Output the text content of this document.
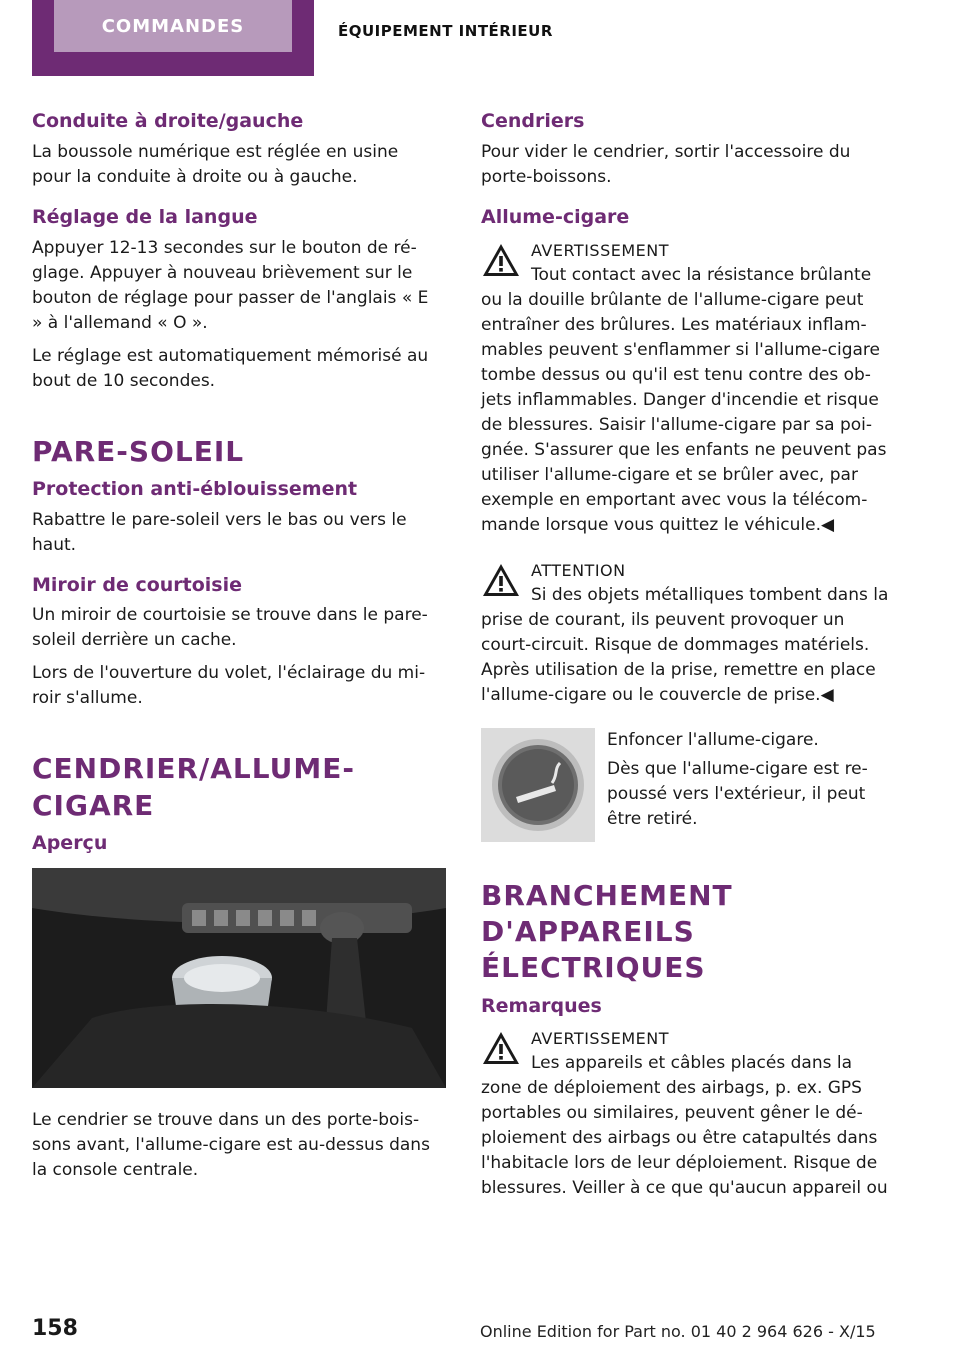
COMMANDES	ÉQUIPEMENT INTÉRIEUR
Conduite à droite/gauche

La boussole numérique est réglée en usine pour la conduite à droite ou à gauche.

Réglage de la langue

Appuyer 12-13 secondes sur le bouton de ré-glage. Appuyer à nouveau brièvement sur le bouton de réglage pour passer de l'anglais « E » à l'allemand « O ».

Le réglage est automatiquement mémorisé au bout de 10 secondes.

PARE-SOLEIL
Protection anti-éblouissement

Rabattre le pare-soleil vers le bas ou vers le haut.

Miroir de courtoisie

Un miroir de courtoisie se trouve dans le pare-soleil derrière un cache.

Lors de l'ouverture du volet, l'éclairage du mi-roir s'allume.

CENDRIER/ALLUME-CIGARE
Aperçu

Le cendrier se trouve dans un des porte-bois-sons avant, l'allume-cigare est au-dessus dans la console centrale.

Cendriers

Pour vider le cendrier, sortir l'accessoire du porte-boissons.

Allume-cigare
AVERTISSEMENT

Tout contact avec la résistance brûlante ou la douille brûlante de l'allume-cigare peut entraîner des brûlures. Les matériaux inflam-mables peuvent s'enflammer si l'allume-cigare tombe dessus ou qu'il est tenu contre des ob-jets inflammables. Danger d'incendie et risque de blessures. Saisir l'allume-cigare par sa poi-gnée. S'assurer que les enfants ne peuvent pas utiliser l'allume-cigare et se brûler avec, par exemple en emportant avec vous la télécom-mande lorsque vous quittez le véhicule.◀

ATTENTION

Si des objets métalliques tombent dans la prise de courant, ils peuvent provoquer un court-circuit. Risque de dommages matériels. Après utilisation de la prise, remettre en place l'allume-cigare ou le couvercle de prise.◀

Enfoncer l'allume-cigare.

Dès que l'allume-cigare est re-poussé vers l'extérieur, il peut être retiré.

BRANCHEMENT D'APPAREILS ÉLECTRIQUES
Remarques
AVERTISSEMENT

Les appareils et câbles placés dans la zone de déploiement des airbags, p. ex. GPS portables ou similaires, peuvent gêner le dé-ploiement des airbags ou être catapultés dans l'habitacle lors de leur déploiement. Risque de blessures. Veiller à ce que qu'aucun appareil ou

158	Online Edition for Part no. 01 40 2 964 626 - X/15
